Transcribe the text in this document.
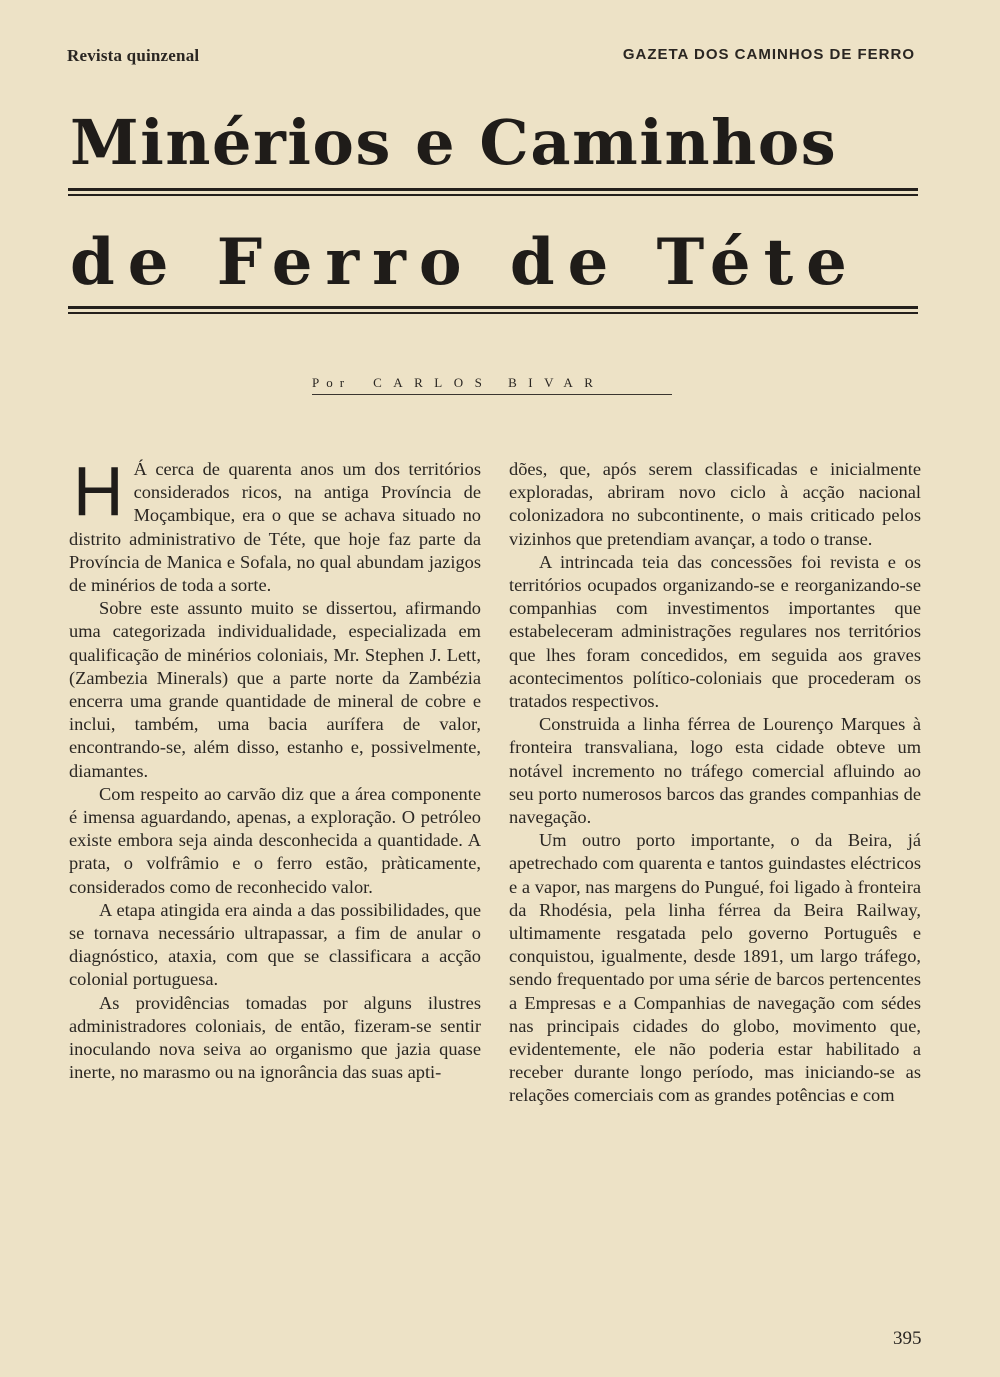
Revista quinzenal	GAZETA DOS CAMINHOS DE FERRO
Minérios e Caminhos
de Ferro de Téte
Por CARLOS BIVAR

H Á cerca de quarenta anos um dos territórios considerados ricos, na antiga Província de Moçambique, era o que se achava situado no distrito administrativo de Téte, que hoje faz parte da Província de Manica e Sofala, no qual abundam jazigos de minérios de toda a sorte.

Sobre este assunto muito se dissertou, afirmando uma categorizada individualidade, especializada em qualificação de minérios coloniais, Mr. Stephen J. Lett, (Zambezia Minerals) que a parte norte da Zambézia encerra uma grande quantidade de mineral de cobre e inclui, também, uma bacia aurífera de valor, encontrando-se, além disso, estanho e, possivelmente, diamantes.

Com respeito ao carvão diz que a área componente é imensa aguardando, apenas, a exploração. O petróleo existe embora seja ainda desconhecida a quantidade. A prata, o volfrâmio e o ferro estão, pràticamente, considerados como de reconhecido valor.

A etapa atingida era ainda a das possibilidades, que se tornava necessário ultrapassar, a fim de anular o diagnóstico, ataxia, com que se classificara a acção colonial portuguesa.

As providências tomadas por alguns ilustres administradores coloniais, de então, fizeram-se sentir inoculando nova seiva ao organismo que jazia quase inerte, no marasmo ou na ignorância das suas apti-

dões, que, após serem classificadas e inicialmente exploradas, abriram novo ciclo à acção nacional colonizadora no subcontinente, o mais criticado pelos vizinhos que pretendiam avançar, a todo o transe.

A intrincada teia das concessões foi revista e os territórios ocupados organizando-se e reorganizando-se companhias com investimentos importantes que estabeleceram administrações regulares nos territórios que lhes foram concedidos, em seguida aos graves acontecimentos político-coloniais que procederam os tratados respectivos.

Construida a linha férrea de Lourenço Marques à fronteira transvaliana, logo esta cidade obteve um notável incremento no tráfego comercial afluindo ao seu porto numerosos barcos das grandes companhias de navegação.

Um outro porto importante, o da Beira, já apetrechado com quarenta e tantos guindastes eléctricos e a vapor, nas margens do Pungué, foi ligado à fronteira da Rhodésia, pela linha férrea da Beira Railway, ultimamente resgatada pelo governo Português e conquistou, igualmente, desde 1891, um largo tráfego, sendo frequentado por uma série de barcos pertencentes a Empresas e a Companhias de navegação com sédes nas principais cidades do globo, movimento que, evidentemente, ele não poderia estar habilitado a receber durante longo período, mas iniciando-se as relações comerciais com as grandes potências e com

395
